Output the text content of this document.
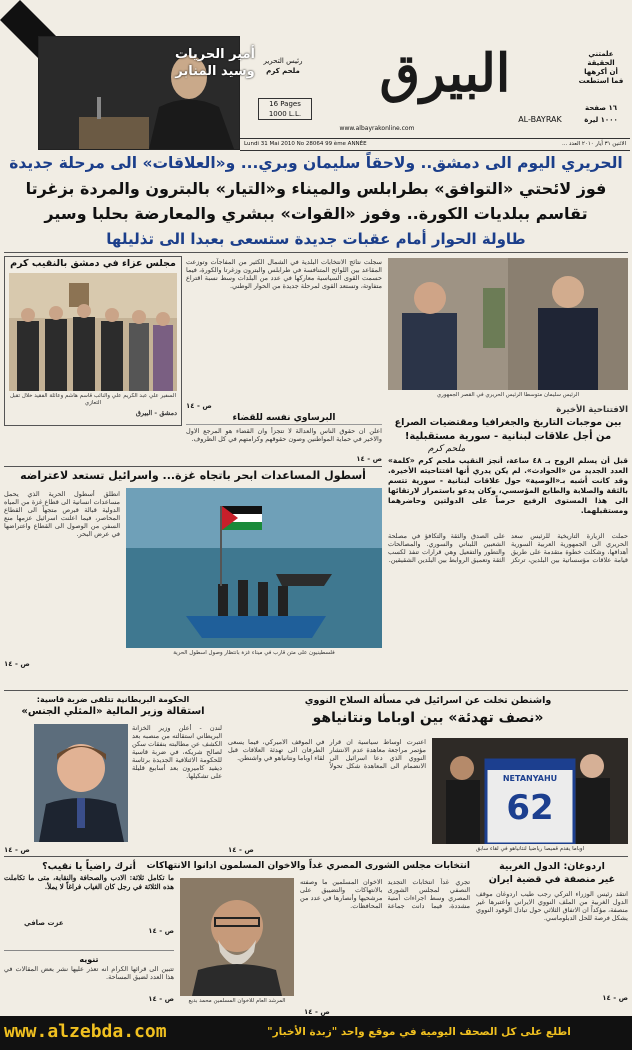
أمير الحريات
وسيد المنابر
رئيس التحرير
ملحم كرم
16 Pages
1000 L.L.
البيرق
AL-BAYRAK
www.albayrakonline.com
علمتني
الحقيقة
أن أكرهها
فما استطعت
١٦ صفحة
١٠٠٠ ليرة
الاثنين ٣١ أيار ٢٠١٠ العدد ...
Lundi 31 Mai 2010 No 28064 99 ème ANNÉE
الحريري اليوم الى دمشق.. ولاحقاً سليمان وبري... و«العلاقات» الى مرحلة جديدة
فوز لائحتي «التوافق» بطرابلس والميناء و«التيار» بالبترون والمردة بزغرتا
تقاسم ببلديات الكورة.. وفوز «القوات» ببشري والمعارضة بحلبا وسير
طاولة الحوار أمام عقبات جديدة ستسعى بعبدا الى تذليلها
مجلس عزاء في دمشق بالنقيب كرم
السفير علي عبد الكريم علي والنائب قاسم هاشم وعائلة الفقيد خلال تقبل التعازي
دمشق - البيرق
سجلت نتائج الانتخابات البلدية في الشمال الكثير من المفاجآت وتوزعت المقاعد بين اللوائح المتنافسة في طرابلس والبترون وزغرتا والكورة، فيما حسمت القوى السياسية معاركها في عدد من البلدات وسط نسبة اقتراع متفاوتة، وتستعد القوى لمرحلة جديدة من الحوار الوطني.
ص - ١٤
الرئيس سليمان متوسطاً الرئيس الحريري في القصر الجمهوري
البرساوي نفسه للقضاء
اعلن ان حقوق الناس والعدالة لا تتجزأ وان القضاء هو المرجع الاول والاخير في حماية المواطنين وصون حقوقهم وكرامتهم في كل الظروف.
ص - ١٤
الافتتاحية الأخيرة
بين موجبات التاريخ والجغرافيا ومقتضيات الصراع
من أجل علاقات لبنانية - سورية مستقبلية!
ملحم كرم
قبل أن يسلم الروح بـ ٤٨ ساعة، أنجز النقيب ملحم كرم «كلمة» العدد الجديد من «الحوادث». لم يكن يدري أنها افتتاحيته الأخيرة. وقد كانت أشبه بـ«الوصية» حول علاقات لبنانية - سورية تتسم بالثقة والصلابة والطابع المؤسسي، وكان يدعو باستمرار لارتقائها الى هذا المستوى الرفيع حرصاً على الدولتين وحاضرهما ومستقبلهما.
حملت الزيارة التاريخية للرئيس سعد الحريري الى الجمهورية العربية السورية أهدافها، وشكلت خطوة متقدمة على طريق قيامة علاقات مؤسساتية بين البلدين، ترتكز على الصدق والثقة والتكافؤ في مصلحة الشعبين اللبناني والسوري. والمصالحات والتطور والتفعيل وهي قرارات تنفذ لكسب الثقة وتعميق الروابط بين البلدين الشقيقين.
أسطول المساعدات ابحر باتجاه غزة... واسرائيل تستعد لاعتراضه
انطلق أسطول الحرية الذي يحمل مساعدات انسانية الى قطاع غزة من المياه الدولية قبالة قبرص متجهاً الى القطاع المحاصر، فيما اعلنت اسرائيل عزمها منع السفن من الوصول الى القطاع واعتراضها في عرض البحر.
فلسطينيون على متن قارب في ميناء غزة بانتظار وصول أسطول الحرية
ص - ١٤
الحكومة البريطانية تتلقى ضربة قاسية:
استقالة وزير المالية «المثلي الجنس»
لندن - أعلن وزير الخزانة البريطاني استقالته من منصبه بعد الكشف عن مطالبته بنفقات سكن لصالح شريكه، في ضربة قاسية للحكومة الائتلافية الجديدة برئاسة ديفيد كاميرون بعد أسابيع قليلة على تشكيلها.
ص - ١٤
واشنطن تخلت عن اسرائيل في مسألة السلاح النووي
«نصف تهدئة» بين اوباما ونتانياهو
NETANYAHU
62
اوباما يقدم قميصاً رياضياً لنتانياهو في لقاء سابق
اعتبرت اوساط سياسية ان قرار مؤتمر مراجعة معاهدة عدم الانتشار النووي الذي دعا اسرائيل الى الانضمام الى المعاهدة شكل تحولاً في الموقف الاميركي، فيما يسعى الطرفان الى تهدئة العلاقات قبل لقاء اوباما ونتانياهو في واشنطن.
ص - ١٤
اردوغان: الدول الغربية
غير منصفة في قضية ايران
انتقد رئيس الوزراء التركي رجب طيب اردوغان موقف الدول الغربية من الملف النووي الايراني واعتبرها غير منصفة، مؤكداً ان الاتفاق الثلاثي حول تبادل الوقود النووي يشكل فرصة للحل الدبلوماسي.
ص - ١٤
انتخابات مجلس الشورى المصري غداً والاخوان المسلمون ادانوا الانتهاكات
تجري غداً انتخابات التجديد النصفي لمجلس الشورى المصري وسط اجراءات أمنية مشددة، فيما دانت جماعة الاخوان المسلمين ما وصفته بالانتهاكات والتضييق على مرشحيها وأنصارها في عدد من المحافظات.
المرشد العام للاخوان المسلمين محمد بديع
ص - ١٤
أترك راضياً يا نقيب؟
ما تكامل ثلاثة: الادب والصحافة والنقابة، متى ما تكاملت هذه الثلاثة في رجل كان الغياب فراغاً لا يملأ.
عزت صافي
ص - ١٤
تنويه
تتبين الى قرائها الكرام انه تعذر عليها نشر بعض المقالات في هذا العدد لضيق المساحة.
ص - ١٤
www.alzebda.com	اطلع على كل الصحف اليومية في موقع واحد "زبدة الأخبار"
